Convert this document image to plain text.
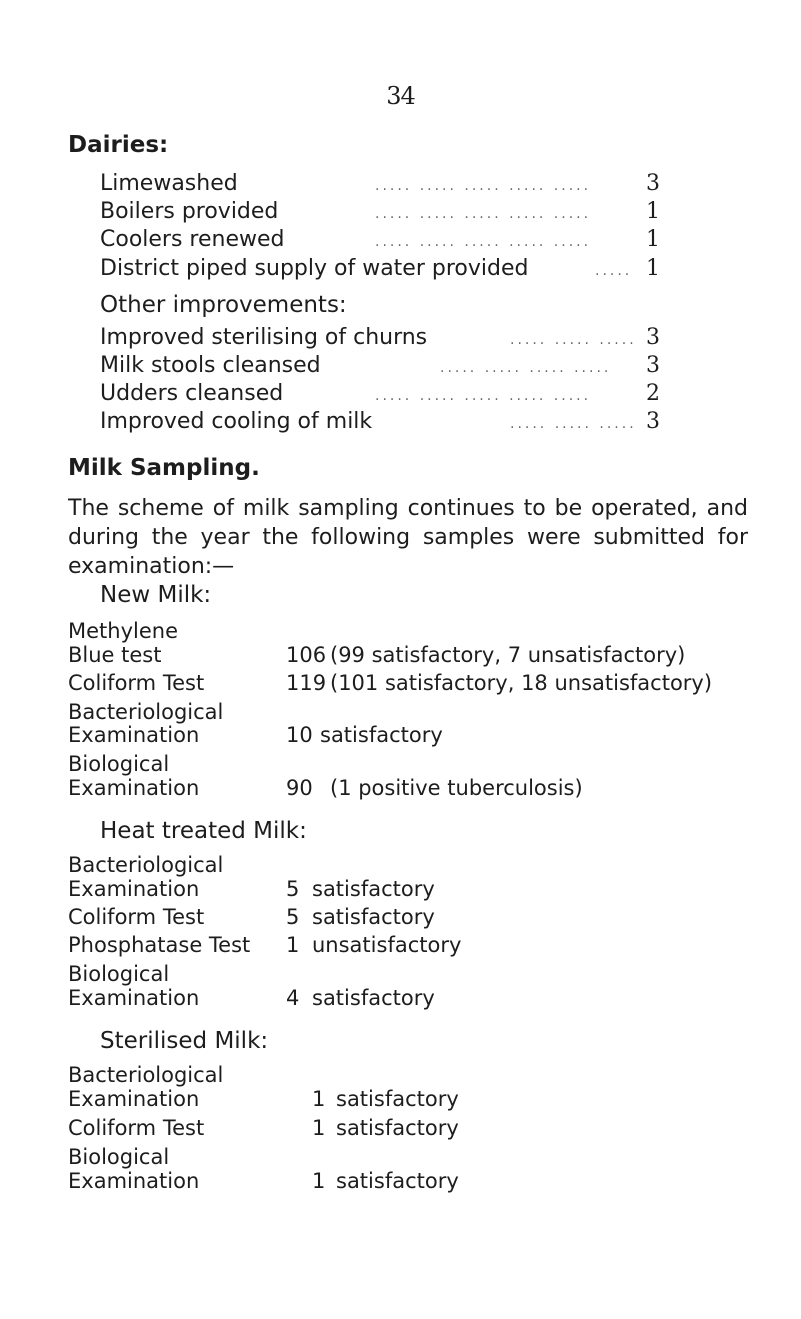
34
Dairies:
Limewashed	..... ..... ..... ..... ..... 3
Boilers provided	..... ..... ..... ..... ..... 1
Coolers renewed	..... ..... ..... ..... ..... 1
District piped supply of water provided	..... 1
Other improvements:
Improved sterilising of churns	..... ..... ..... 3
Milk stools cleansed	..... ..... ..... ..... 3
Udders cleansed	..... ..... ..... ..... ..... 2
Improved cooling of milk	..... ..... ..... 3
Milk Sampling.
The scheme of milk sampling continues to be operated, and during the year the following samples were submitted for examination:—
New Milk:
Methylene
Blue test	106 (99 satisfactory, 7 unsatisfactory)
Coliform Test	119 (101 satisfactory, 18 unsatisfactory)
Bacteriological
Examination	10 satisfactory
Biological
Examination	90 (1 positive tuberculosis)
Heat treated Milk:
Bacteriological
Examination	5 satisfactory
Coliform Test	5 satisfactory
Phosphatase Test 1 unsatisfactory
Biological
Examination	4 satisfactory
Sterilised Milk:
Bacteriological
Examination	1 satisfactory
Coliform Test	1 satisfactory
Biological
Examination	1 satisfactory
